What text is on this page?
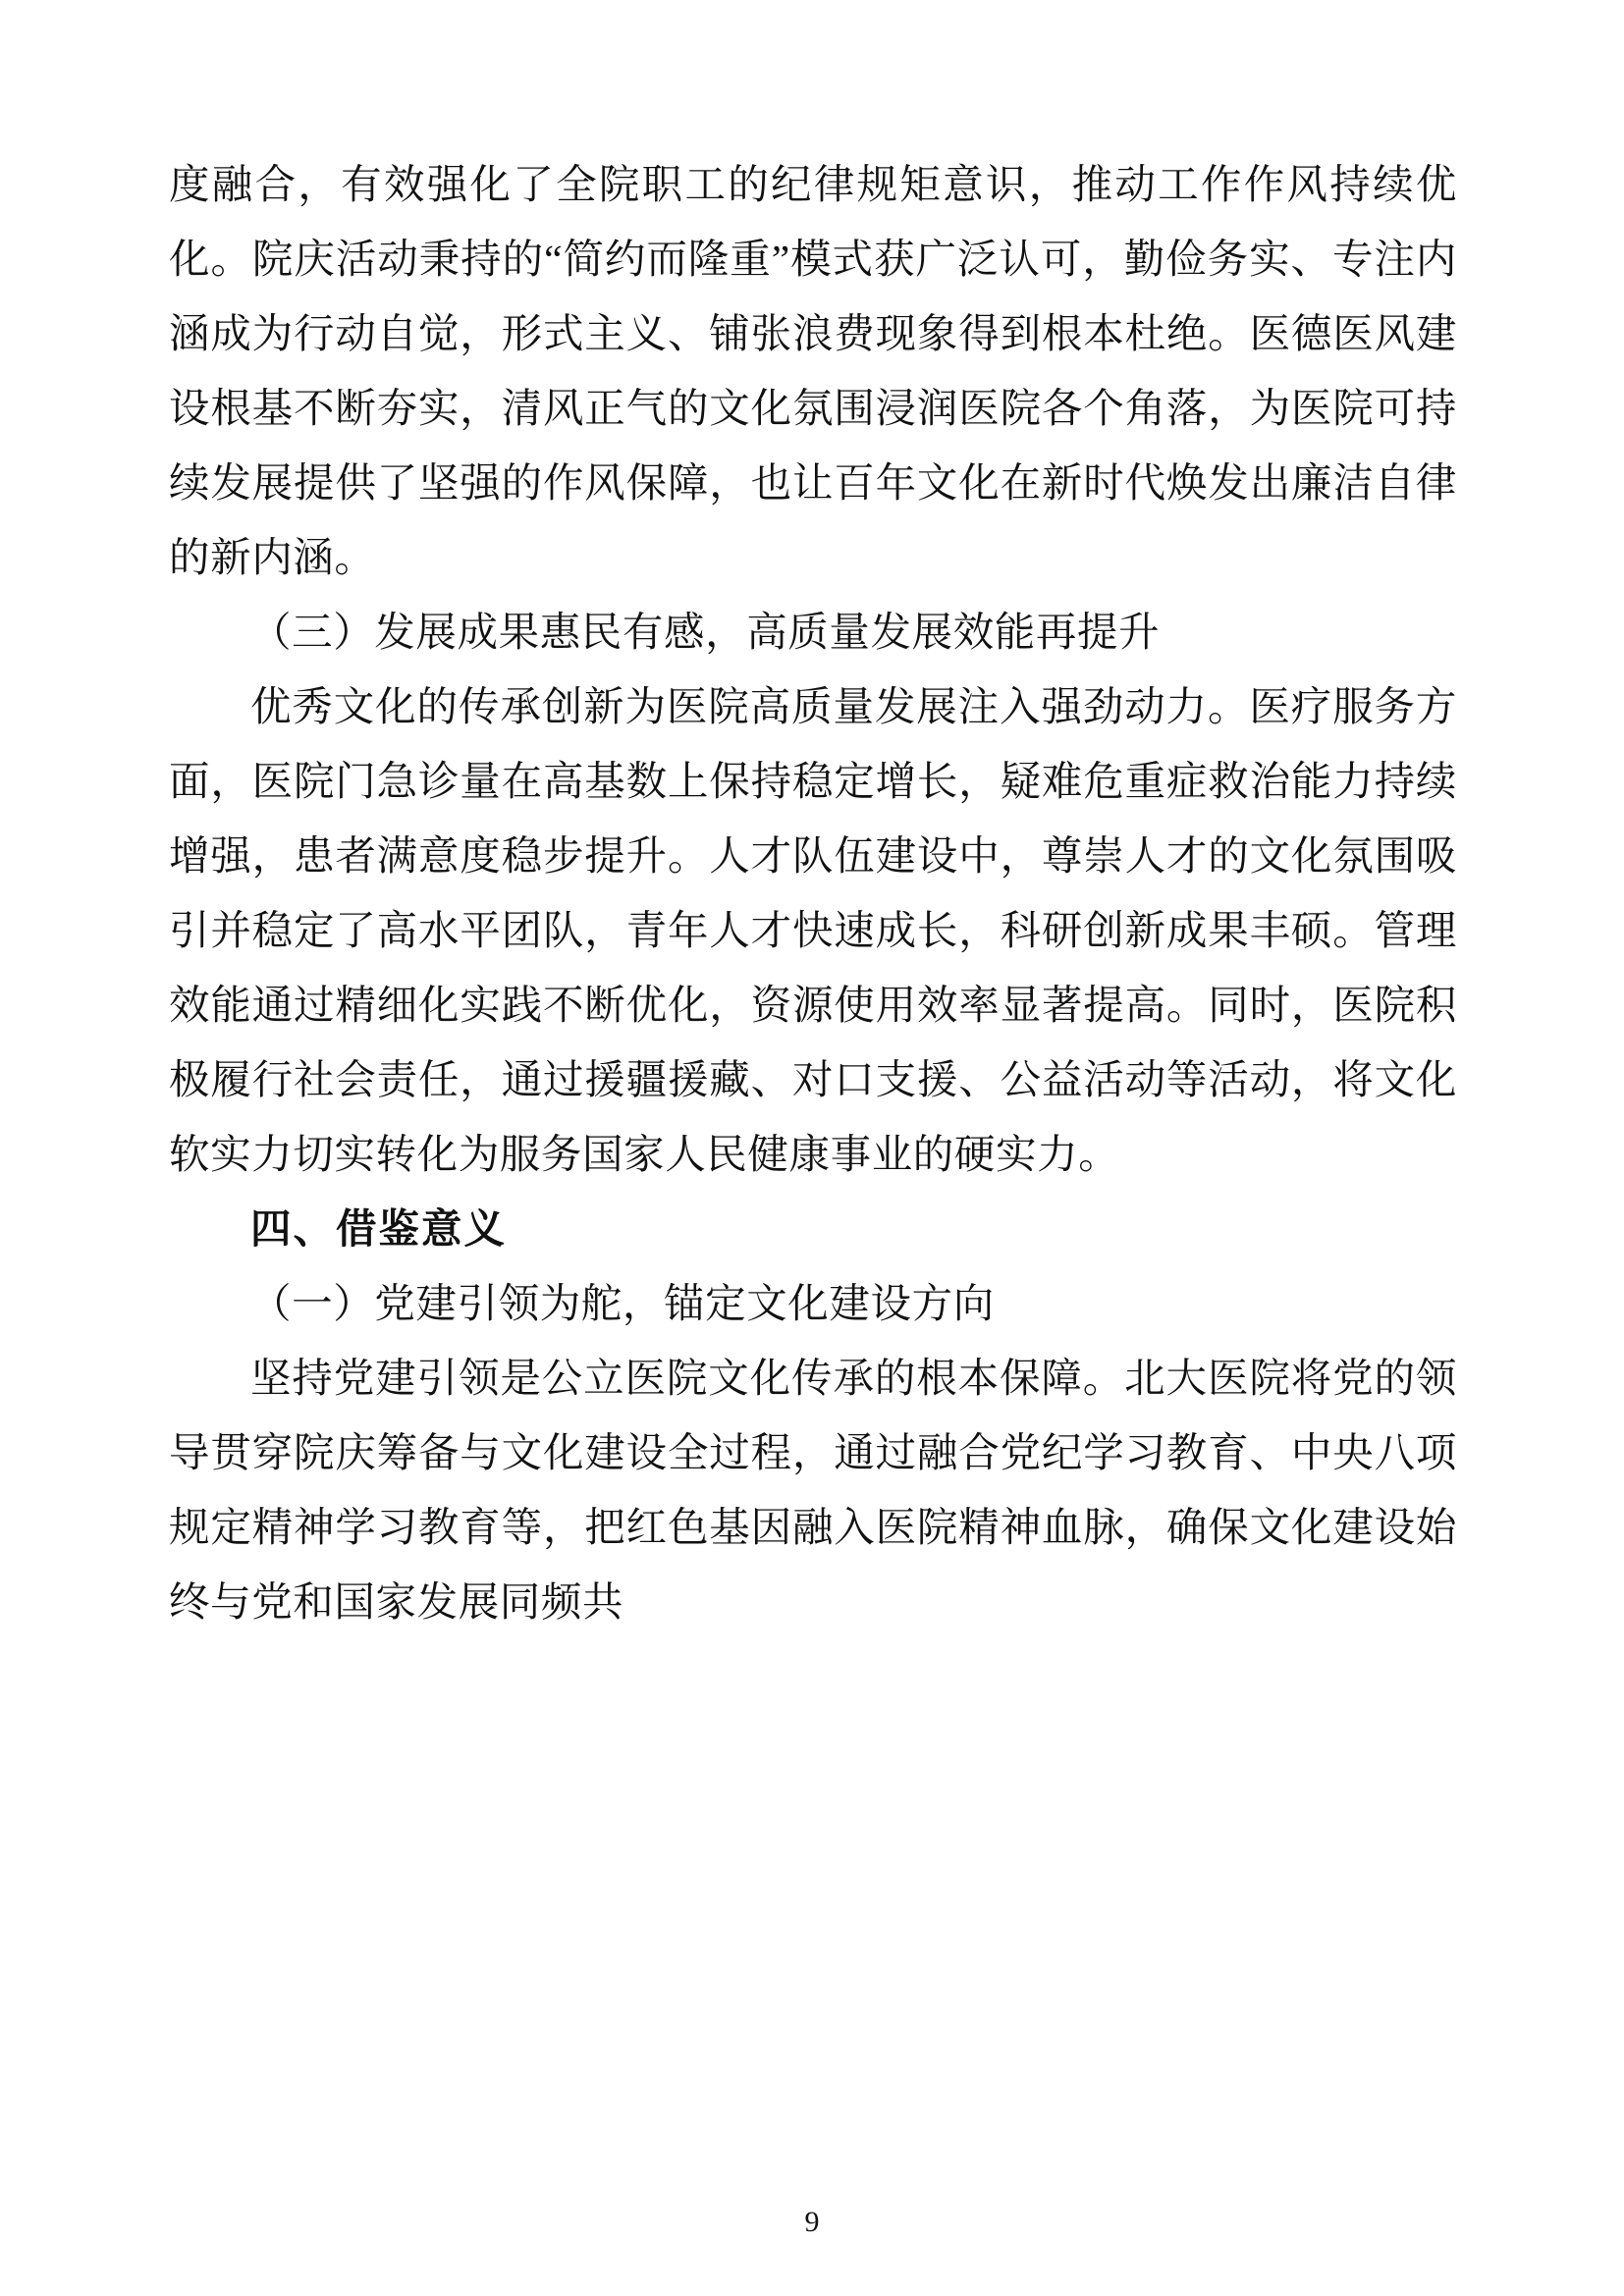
度融合，有效强化了全院职工的纪律规矩意识，推动工作作风持续优化。院庆活动秉持的“简约而隆重”模式获广泛认可，勤俭务实、专注内涵成为行动自觉，形式主义、铺张浪费现象得到根本杜绝。医德医风建设根基不断夯实，清风正气的文化氛围浸润医院各个角落，为医院可持续发展提供了坚强的作风保障，也让百年文化在新时代焕发出廉洁自律的新内涵。

（三）发展成果惠民有感，高质量发展效能再提升

优秀文化的传承创新为医院高质量发展注入强劲动力。医疗服务方面，医院门急诊量在高基数上保持稳定增长，疑难危重症救治能力持续增强，患者满意度稳步提升。人才队伍建设中，尊崇人才的文化氛围吸引并稳定了高水平团队，青年人才快速成长，科研创新成果丰硕。管理效能通过精细化实践不断优化，资源使用效率显著提高。同时，医院积极履行社会责任，通过援疆援藏、对口支援、公益活动等活动，将文化软实力切实转化为服务国家人民健康事业的硬实力。

四、借鉴意义

（一）党建引领为舵，锚定文化建设方向

坚持党建引领是公立医院文化传承的根本保障。北大医院将党的领导贯穿院庆筹备与文化建设全过程，通过融合党纪学习教育、中央八项规定精神学习教育等，把红色基因融入医院精神血脉，确保文化建设始终与党和国家发展同频共

9
